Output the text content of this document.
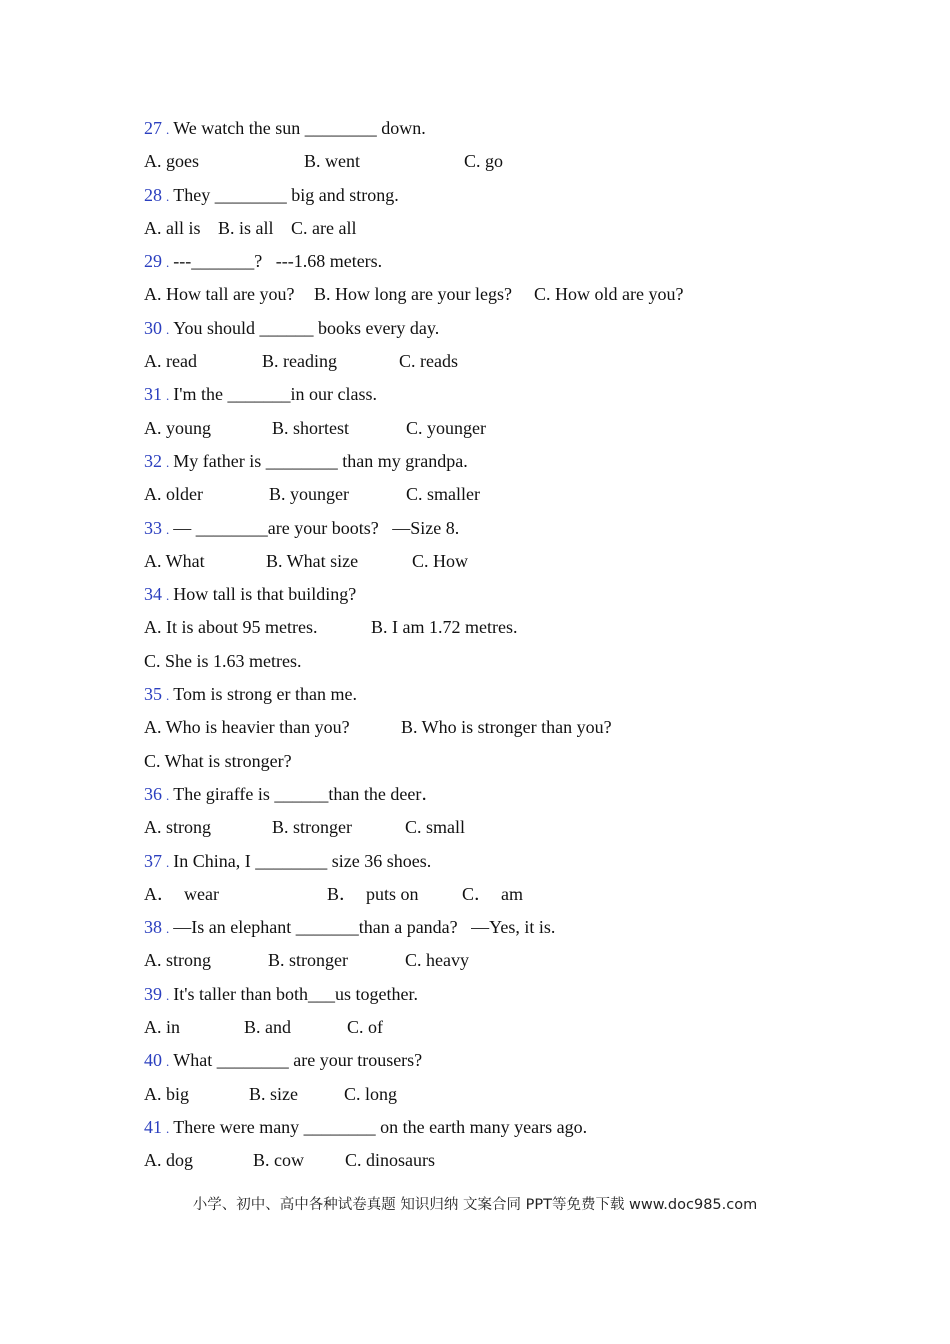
27 . We watch the sun ________ down.
A. goes	B. went	C. go
28 . They ________ big and strong.
A. all is B. is all C. are all
29 . ---_______?   ---1.68 meters.
A. How tall are you?	B. How long are your legs?	C. How old are you?
30 . You should ______ books every day.
A. read	B. reading	C. reads
31 . I'm the _______in our class.
A. young	B. shortest	C. younger
32 . My father is ________ than my grandpa.
A. older	B. younger	C. smaller
33 . — ________are your boots?   —Size 8.
A. What	B. What size	C. How
34 . How tall is that building?
A. It is about 95 metres.	B. I am 1.72 metres.
C. She is 1.63 metres.
35 . Tom is strong er than me.
A. Who is heavier than you?	B. Who is stronger than you?
C. What is stronger?
36 . The giraffe is ______than the deer．
A. strong	B. stronger	C. small
37 . In China, I ________ size 36 shoes.
A．  wear	B．  puts on	C．  am
38 . —Is an elephant _______than a panda?   —Yes, it is.
A. strong	B. stronger	C. heavy
39 . It's taller than both___us together.
A. in	B. and	C. of
40 . What ________ are your trousers?
A. big	B. size	C. long
41 . There were many ________ on the earth many years ago.
A. dog	B. cow	C. dinosaurs
小学、初中、高中各种试卷真题 知识归纳 文案合同 PPT等免费下载 www.doc985.com
